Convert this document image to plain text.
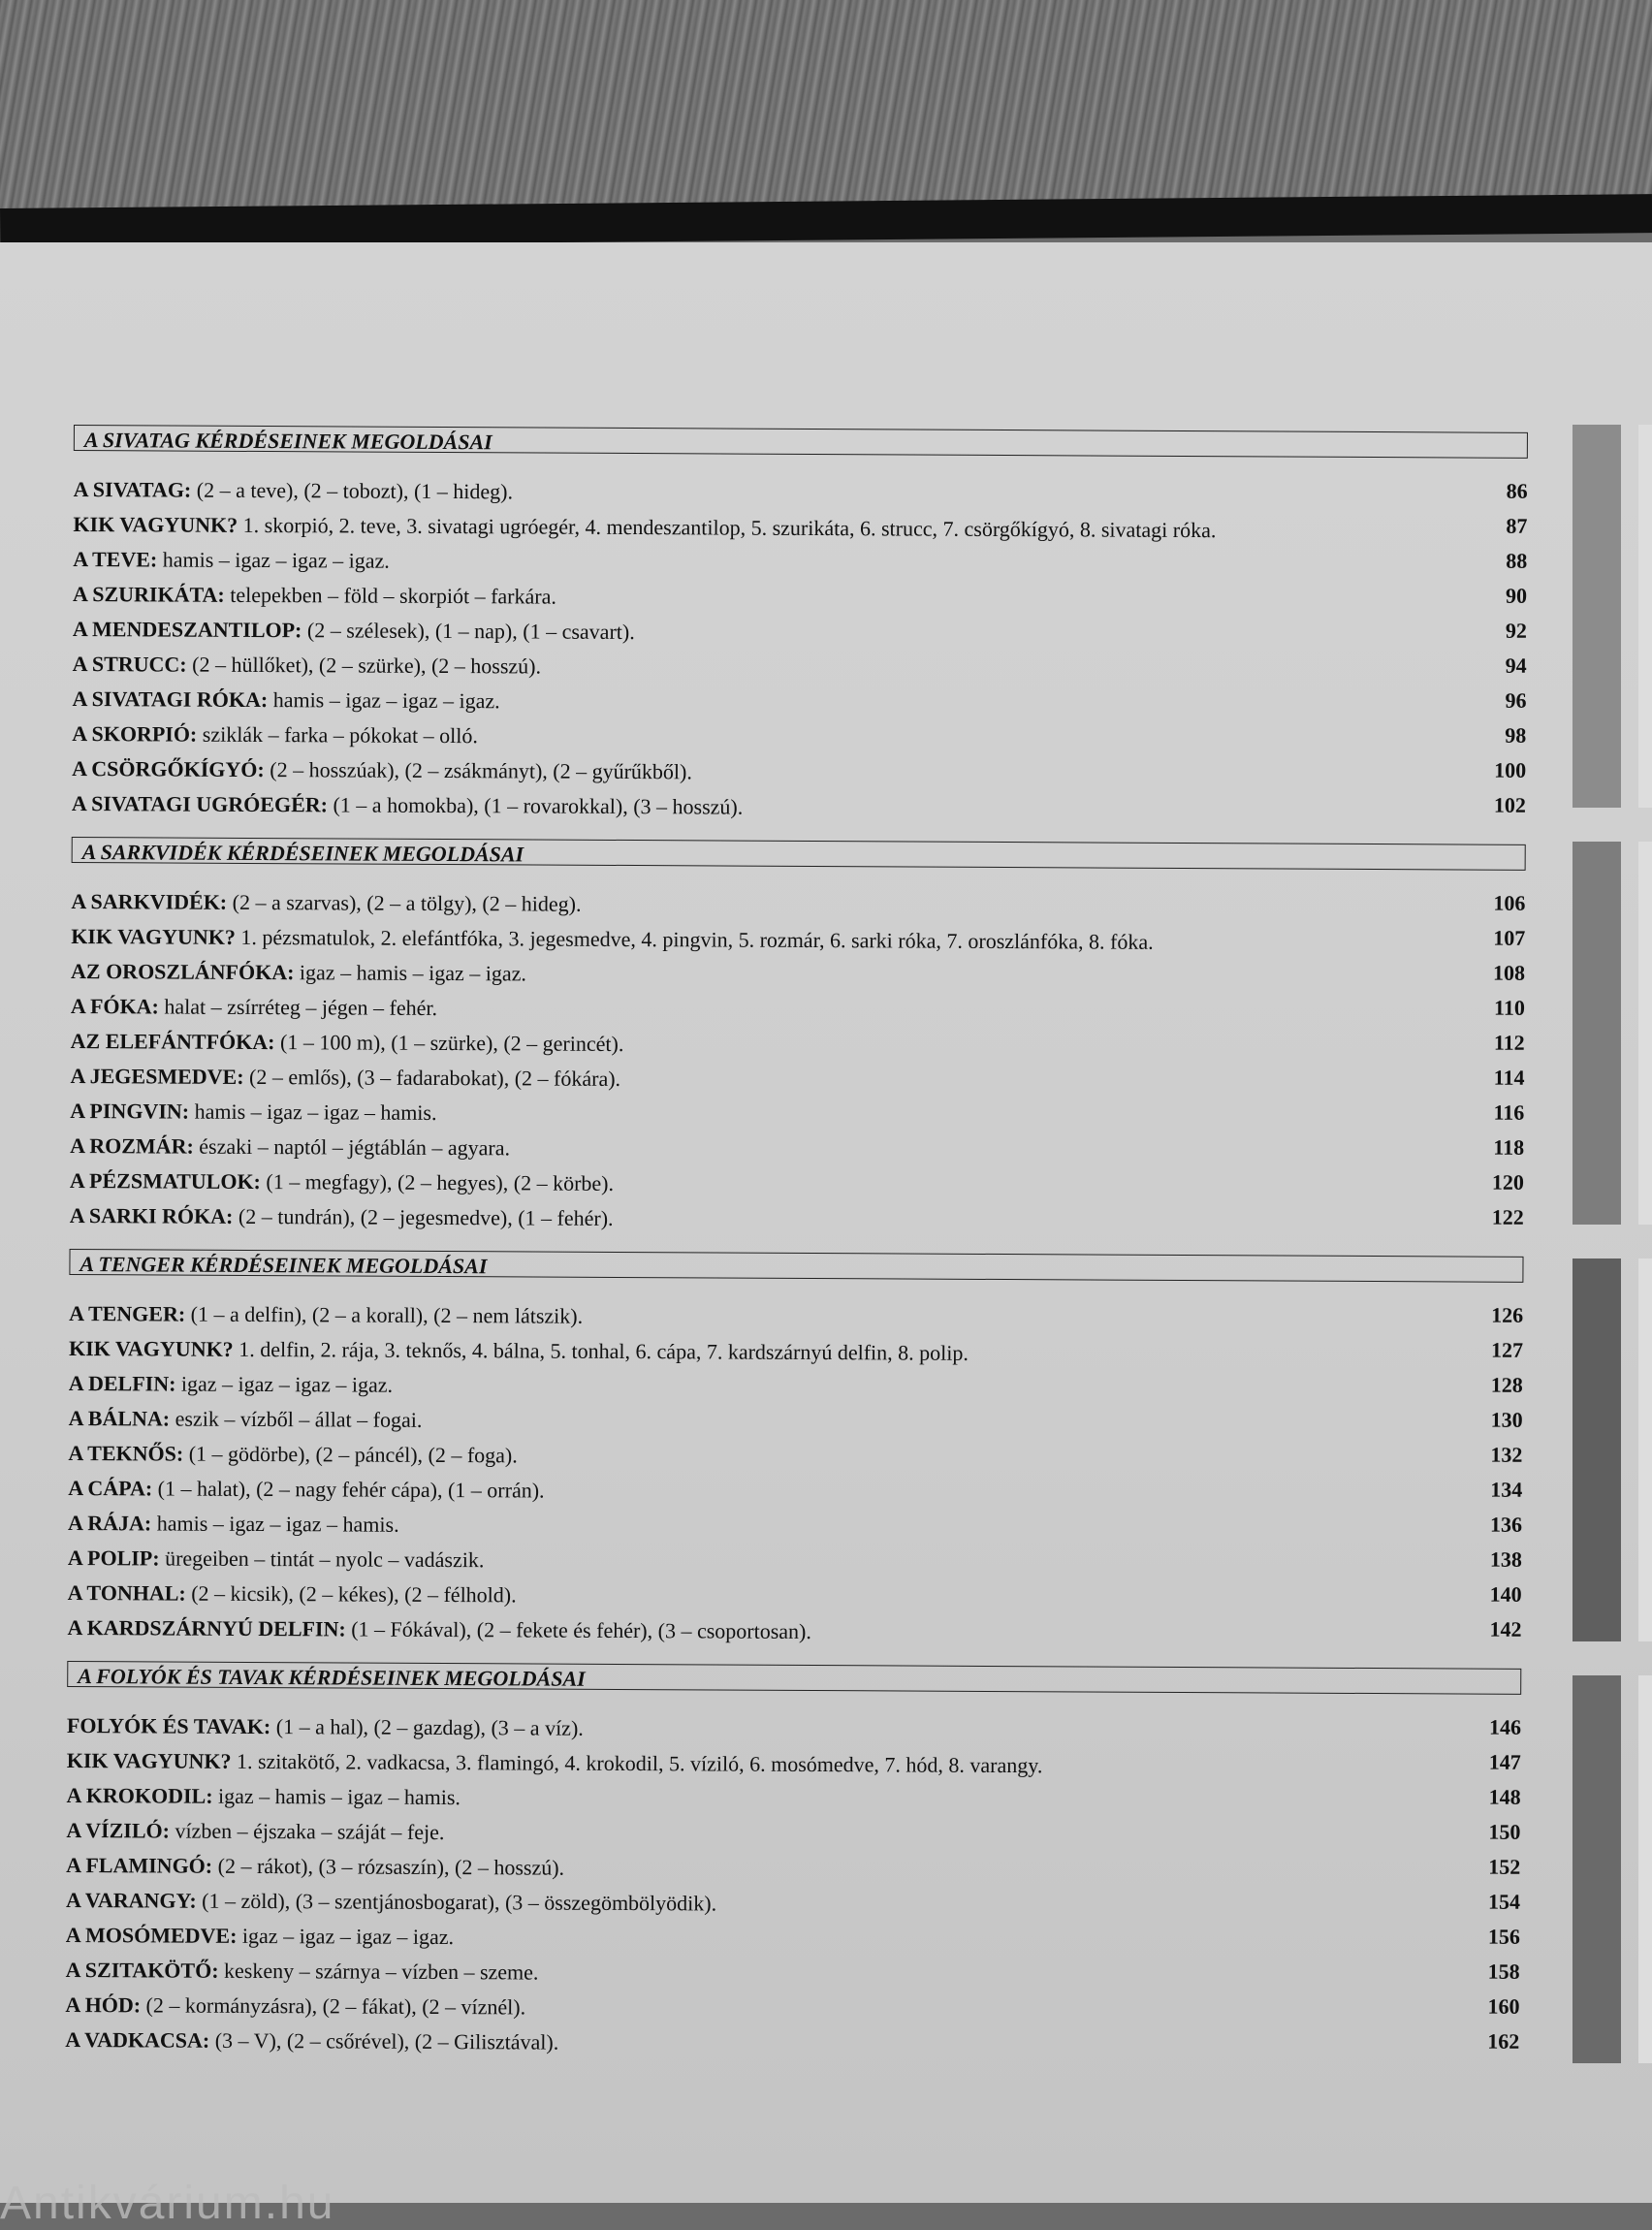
A SIVATAG KÉRDÉSEINEK MEGOLDÁSAI
A SIVATAG: (2 – a teve), (2 – tobozt), (1 – hideg).	86
KIK VAGYUNK? 1. skorpió, 2. teve, 3. sivatagi ugróegér, 4. mendeszantilop, 5. szurikáta, 6. strucc, 7. csörgőkígyó, 8. sivatagi róka.	87
A TEVE: hamis – igaz – igaz – igaz.	88
A SZURIKÁTA: telepekben – föld – skorpiót – farkára.	90
A MENDESZANTILOP: (2 – szélesek), (1 – nap), (1 – csavart).	92
A STRUCC: (2 – hüllőket), (2 – szürke), (2 – hosszú).	94
A SIVATAGI RÓKA: hamis – igaz – igaz – igaz.	96
A SKORPIÓ: sziklák – farka – pókokat – olló.	98
A CSÖRGŐKÍGYÓ: (2 – hosszúak), (2 – zsákmányt), (2 – gyűrűkből).	100
A SIVATAGI UGRÓEGÉR: (1 – a homokba), (1 – rovarokkal), (3 – hosszú).	102
A SARKVIDÉK KÉRDÉSEINEK MEGOLDÁSAI
A SARKVIDÉK: (2 – a szarvas), (2 – a tölgy), (2 – hideg).	106
KIK VAGYUNK? 1. pézsmatulok, 2. elefántfóka, 3. jegesmedve, 4. pingvin, 5. rozmár, 6. sarki róka, 7. oroszlánfóka, 8. fóka.	107
AZ OROSZLÁNFÓKA: igaz – hamis – igaz – igaz.	108
A FÓKA: halat – zsírréteg – jégen – fehér.	110
AZ ELEFÁNTFÓKA: (1 – 100 m), (1 – szürke), (2 – gerincét).	112
A JEGESMEDVE: (2 – emlős), (3 – fadarabokat), (2 – fókára).	114
A PINGVIN: hamis – igaz – igaz – hamis.	116
A ROZMÁR: északi – naptól – jégtáblán – agyara.	118
A PÉZSMATULOK: (1 – megfagy), (2 – hegyes), (2 – körbe).	120
A SARKI RÓKA: (2 – tundrán), (2 – jegesmedve), (1 – fehér).	122
A TENGER KÉRDÉSEINEK MEGOLDÁSAI
A TENGER: (1 – a delfin), (2 – a korall), (2 – nem látszik).	126
KIK VAGYUNK? 1. delfin, 2. rája, 3. teknős, 4. bálna, 5. tonhal, 6. cápa, 7. kardszárnyú delfin, 8. polip.	127
A DELFIN: igaz – igaz – igaz – igaz.	128
A BÁLNA: eszik – vízből – állat – fogai.	130
A TEKNŐS: (1 – gödörbe), (2 – páncél), (2 – foga).	132
A CÁPA: (1 – halat), (2 – nagy fehér cápa), (1 – orrán).	134
A RÁJA: hamis – igaz – igaz – hamis.	136
A POLIP: üregeiben – tintát – nyolc – vadászik.	138
A TONHAL: (2 – kicsik), (2 – kékes), (2 – félhold).	140
A KARDSZÁRNYÚ DELFIN: (1 – Fókával), (2 – fekete és fehér), (3 – csoportosan).	142
A FOLYÓK ÉS TAVAK KÉRDÉSEINEK MEGOLDÁSAI
FOLYÓK ÉS TAVAK: (1 – a hal), (2 – gazdag), (3 – a víz).	146
KIK VAGYUNK? 1. szitakötő, 2. vadkacsa, 3. flamingó, 4. krokodil, 5. víziló, 6. mosómedve, 7. hód, 8. varangy.	147
A KROKODIL: igaz – hamis – igaz – hamis.	148
A VÍZILÓ: vízben – éjszaka – száját – feje.	150
A FLAMINGÓ: (2 – rákot), (3 – rózsaszín), (2 – hosszú).	152
A VARANGY: (1 – zöld), (3 – szentjánosbogarat), (3 – összegömbölyödik).	154
A MOSÓMEDVE: igaz – igaz – igaz – igaz.	156
A SZITAKÖTŐ: keskeny – szárnya – vízben – szeme.	158
A HÓD: (2 – kormányzásra), (2 – fákat), (2 – víznél).	160
A VADKACSA: (3 – V), (2 – csőrével), (2 – Gilisztával).	162
Antikvárium.hu
